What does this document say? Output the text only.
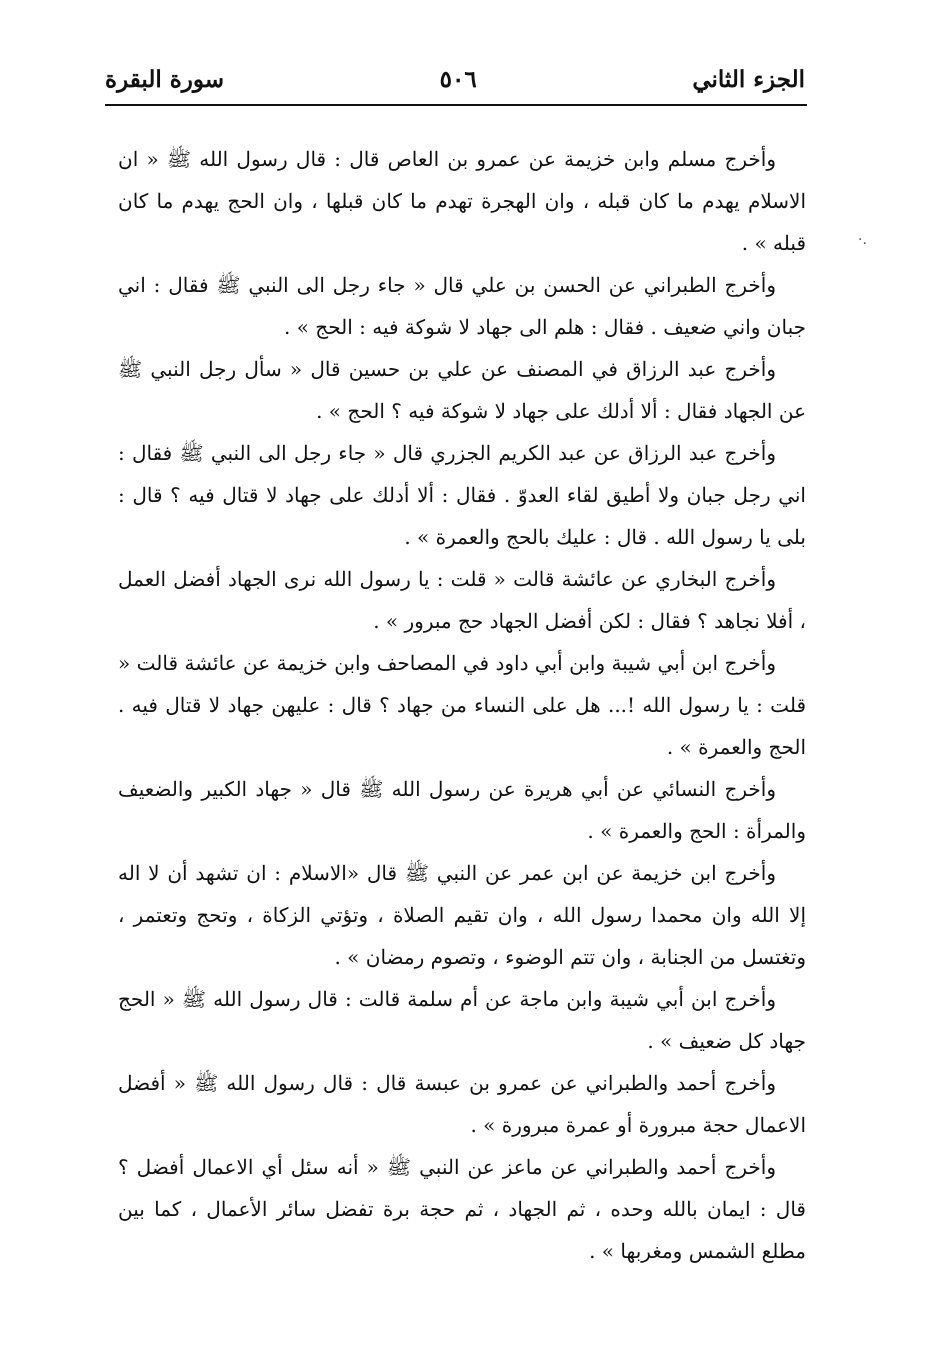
الجزء الثاني
٥٠٦
سورة البقرة
·.

وأخرج مسلم وابن خزيمة عن عمرو بن العاص قال : قال رسول الله ﷺ « ان الاسلام يهدم ما كان قبله ، وان الهجرة تهدم ما كان قبلها ، وان الحج يهدم ما كان قبله » .

وأخرج الطبراني عن الحسن بن علي قال « جاء رجل الى النبي ﷺ فقال : اني جبان واني ضعيف . فقال : هلم الى جهاد لا شوكة فيه : الحج » .

وأخرج عبد الرزاق في المصنف عن علي بن حسين قال « سأل رجل النبي ﷺ عن الجهاد فقال : ألا أدلك على جهاد لا شوكة فيه ؟ الحج » .

وأخرج عبد الرزاق عن عبد الكريم الجزري قال « جاء رجل الى النبي ﷺ فقال : اني رجل جبان ولا أطيق لقاء العدوّ . فقال : ألا أدلك على جهاد لا قتال فيه ؟ قال : بلى يا رسول الله . قال : عليك بالحج والعمرة » .

وأخرج البخاري عن عائشة قالت « قلت : يا رسول الله نرى الجهاد أفضل العمل ، أفلا نجاهد ؟ فقال : لكن أفضل الجهاد حج مبرور » .

وأخرج ابن أبي شيبة وابن أبي داود في المصاحف وابن خزيمة عن عائشة قالت « قلت : يا رسول الله !... هل على النساء من جهاد ؟ قال : عليهن جهاد لا قتال فيه . الحج والعمرة » .

وأخرج النسائي عن أبي هريرة عن رسول الله ﷺ قال « جهاد الكبير والضعيف والمرأة : الحج والعمرة » .

وأخرج ابن خزيمة عن ابن عمر عن النبي ﷺ قال «الاسلام : ان تشهد أن لا اله إلا الله وان محمدا رسول الله ، وان تقيم الصلاة ، وتؤتي الزكاة ، وتحج وتعتمر ، وتغتسل من الجنابة ، وان تتم الوضوء ، وتصوم رمضان » .

وأخرج ابن أبي شيبة وابن ماجة عن أم سلمة قالت : قال رسول الله ﷺ « الحج جهاد كل ضعيف » .

وأخرج أحمد والطبراني عن عمرو بن عبسة قال : قال رسول الله ﷺ « أفضل الاعمال حجة مبرورة أو عمرة مبرورة » .

وأخرج أحمد والطبراني عن ماعز عن النبي ﷺ « أنه سئل أي الاعمال أفضل ؟ قال : ايمان بالله وحده ، ثم الجهاد ، ثم حجة برة تفضل سائر الأعمال ، كما بين مطلع الشمس ومغربها » .
